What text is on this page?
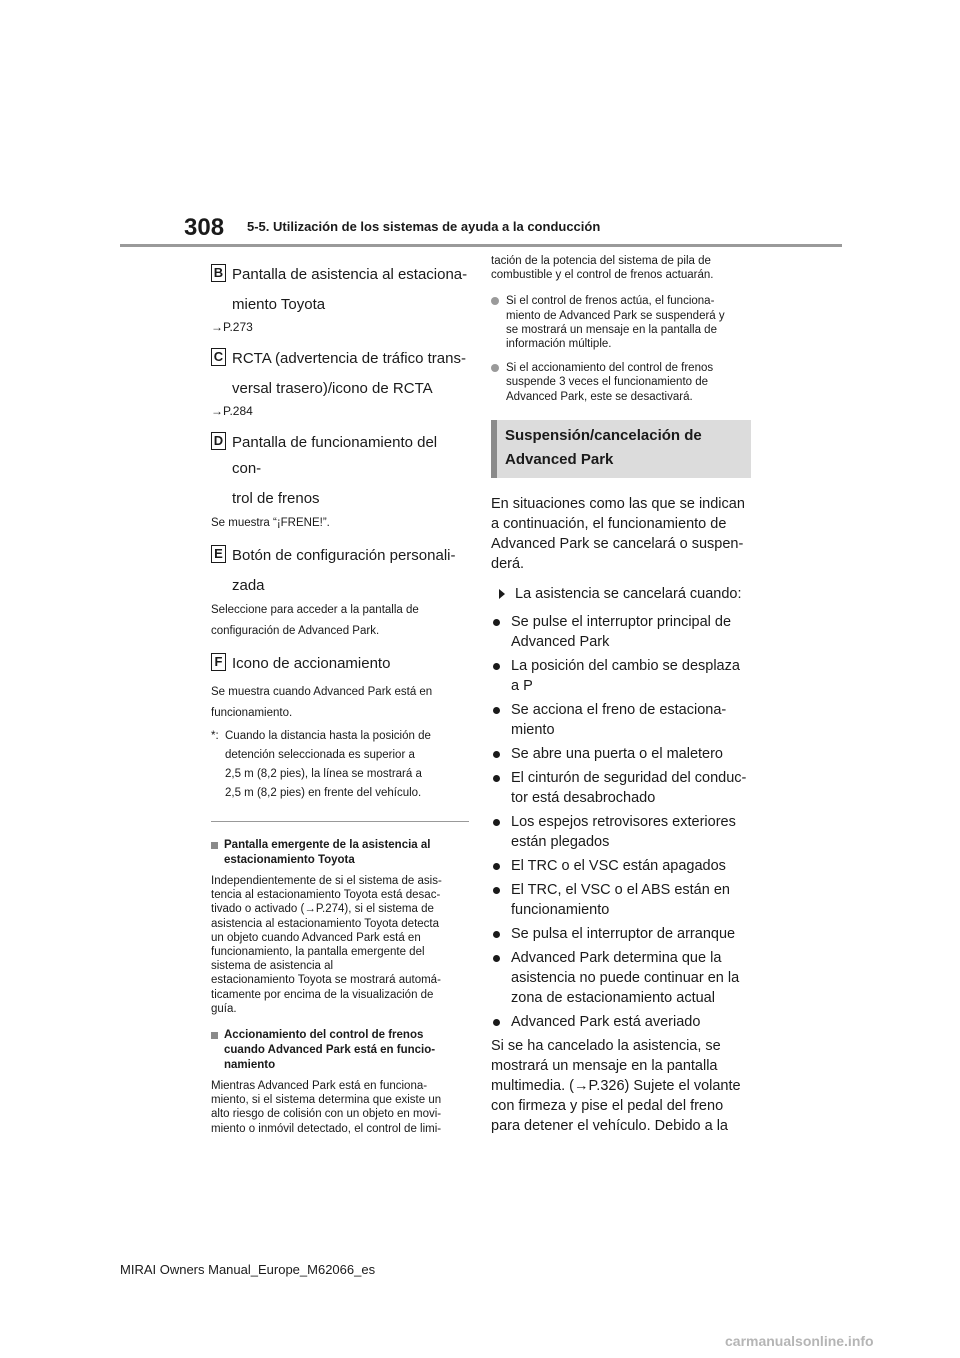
308 5-5. Utilización de los sistemas de ayuda a la conducción
B Pantalla de asistencia al estaciona-
miento Toyota
→P.273
C RCTA (advertencia de tráfico trans-
versal trasero)/icono de RCTA
→P.284
D Pantalla de funcionamiento del con-
trol de frenos
Se muestra “¡FRENE!”.
E Botón de configuración personali-
zada
Seleccione para acceder a la pantalla de
configuración de Advanced Park.
F Icono de accionamiento
Se muestra cuando Advanced Park está en
funcionamiento.
*: Cuando la distancia hasta la posición de
detención seleccionada es superior a
2,5 m (8,2 pies), la línea se mostrará a
2,5 m (8,2 pies) en frente del vehículo.
Pantalla emergente de la asistencia al
estacionamiento Toyota
Independientemente de si el sistema de asis-
tencia al estacionamiento Toyota está desac-
tivado o activado (→P.274), si el sistema de
asistencia al estacionamiento Toyota detecta
un objeto cuando Advanced Park está en
funcionamiento, la pantalla emergente del
sistema de asistencia al
estacionamiento Toyota se mostrará automá-
ticamente por encima de la visualización de
guía.
Accionamiento del control de frenos
cuando Advanced Park está en funcio-
namiento
Mientras Advanced Park está en funciona-
miento, si el sistema determina que existe un
alto riesgo de colisión con un objeto en movi-
miento o inmóvil detectado, el control de limi-
tación de la potencia del sistema de pila de
combustible y el control de frenos actuarán.
Si el control de frenos actúa, el funciona-
miento de Advanced Park se suspenderá y
se mostrará un mensaje en la pantalla de
información múltiple.
Si el accionamiento del control de frenos
suspende 3 veces el funcionamiento de
Advanced Park, este se desactivará.
Suspensión/cancelación de
Advanced Park
En situaciones como las que se indican
a continuación, el funcionamiento de
Advanced Park se cancelará o suspen-
derá.
La asistencia se cancelará cuando:
Se pulse el interruptor principal de
Advanced Park
La posición del cambio se desplaza
a P
Se acciona el freno de estaciona-
miento
Se abre una puerta o el maletero
El cinturón de seguridad del conduc-
tor está desabrochado
Los espejos retrovisores exteriores
están plegados
El TRC o el VSC están apagados
El TRC, el VSC o el ABS están en
funcionamiento
Se pulsa el interruptor de arranque
Advanced Park determina que la
asistencia no puede continuar en la
zona de estacionamiento actual
Advanced Park está averiado
Si se ha cancelado la asistencia, se
mostrará un mensaje en la pantalla
multimedia. (→P.326) Sujete el volante
con firmeza y pise el pedal del freno
para detener el vehículo. Debido a la
MIRAI Owners Manual_Europe_M62066_es
carmanualsonline.info
